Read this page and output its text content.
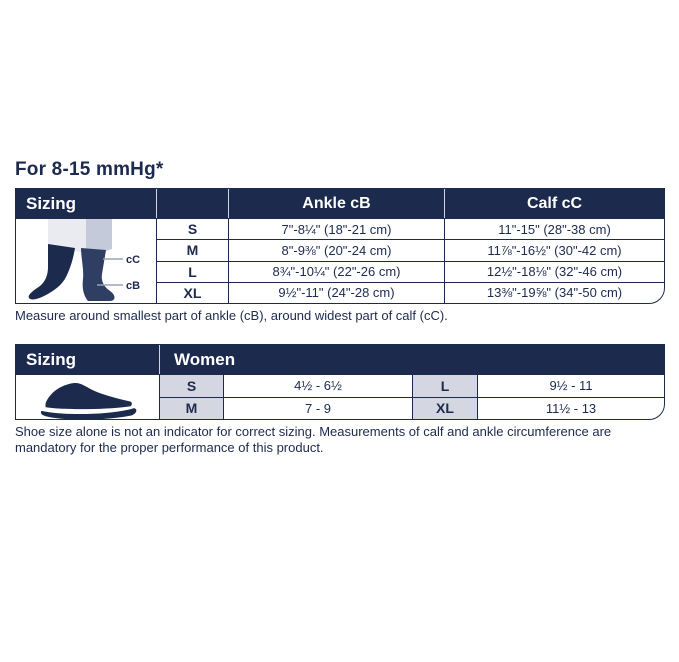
For 8-15 mmHg*
Sizing	Ankle cB	Calf cC
cC
cB
S	7"-8¼" (18"-21 cm)	11"-15" (28"-38 cm)
M	8"-9⅜" (20"-24 cm)	11⅞"-16½" (30"-42 cm)
L	8¾"-10¼" (22"-26 cm)	12½"-18⅛" (32"-46 cm)
XL	9½"-11" (24"-28 cm)	13⅜"-19⅝" (34"-50 cm)

Measure around smallest part of ankle (cB), around widest part of calf (cC).

Sizing	Women
S	4½ - 6½	L	9½ - 11
M	7 - 9	XL	11½ - 13

Shoe size alone is not an indicator for correct sizing. Measurements of calf and ankle circumference are mandatory for the proper performance of this product.
